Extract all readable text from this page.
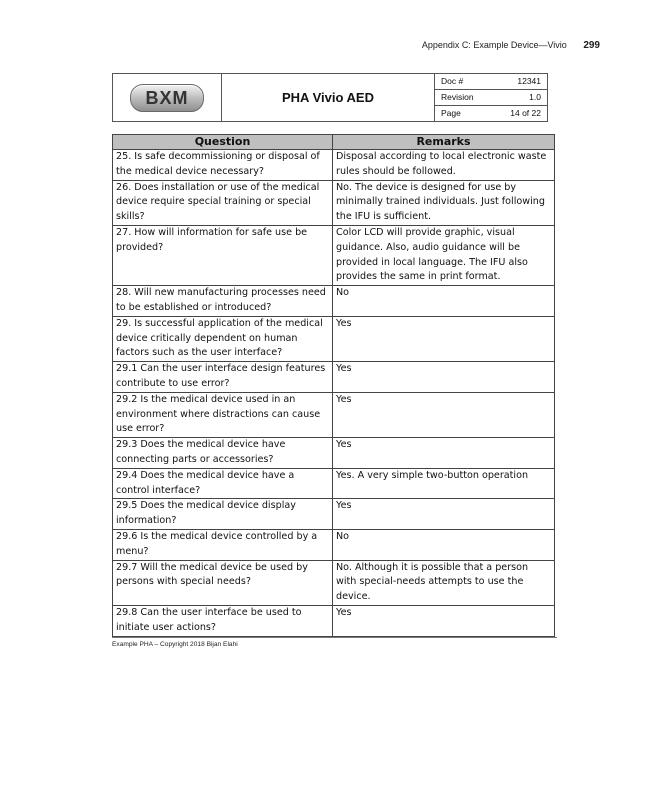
Appendix C: Example Device—Vivio 299
BXM	PHA Vivio AED	
Doc #	12341
Revision	1.0
Page	14 of 22
Question	Remarks
25. Is safe decommissioning or disposal of the medical device necessary?	Disposal according to local electronic waste rules should be followed.
26. Does installation or use of the medical device require special training or special skills?	No. The device is designed for use by minimally trained individuals. Just following the IFU is sufficient.
27. How will information for safe use be provided?	Color LCD will provide graphic, visual guidance. Also, audio guidance will be provided in local language. The IFU also provides the same in print format.
28. Will new manufacturing processes need to be established or introduced?	No
29. Is successful application of the medical device critically dependent on human factors such as the user interface?	Yes
29.1 Can the user interface design features contribute to use error?	Yes
29.2 Is the medical device used in an environment where distractions can cause use error?	Yes
29.3 Does the medical device have connecting parts or accessories?	Yes
29.4 Does the medical device have a control interface?	Yes. A very simple two-button operation
29.5 Does the medical device display information?	Yes
29.6 Is the medical device controlled by a menu?	No
29.7 Will the medical device be used by persons with special needs?	No. Although it is possible that a person with special-needs attempts to use the device.
29.8 Can the user interface be used to initiate user actions?	Yes
Example PHA – Copyright 2018 Bijan Elahi
